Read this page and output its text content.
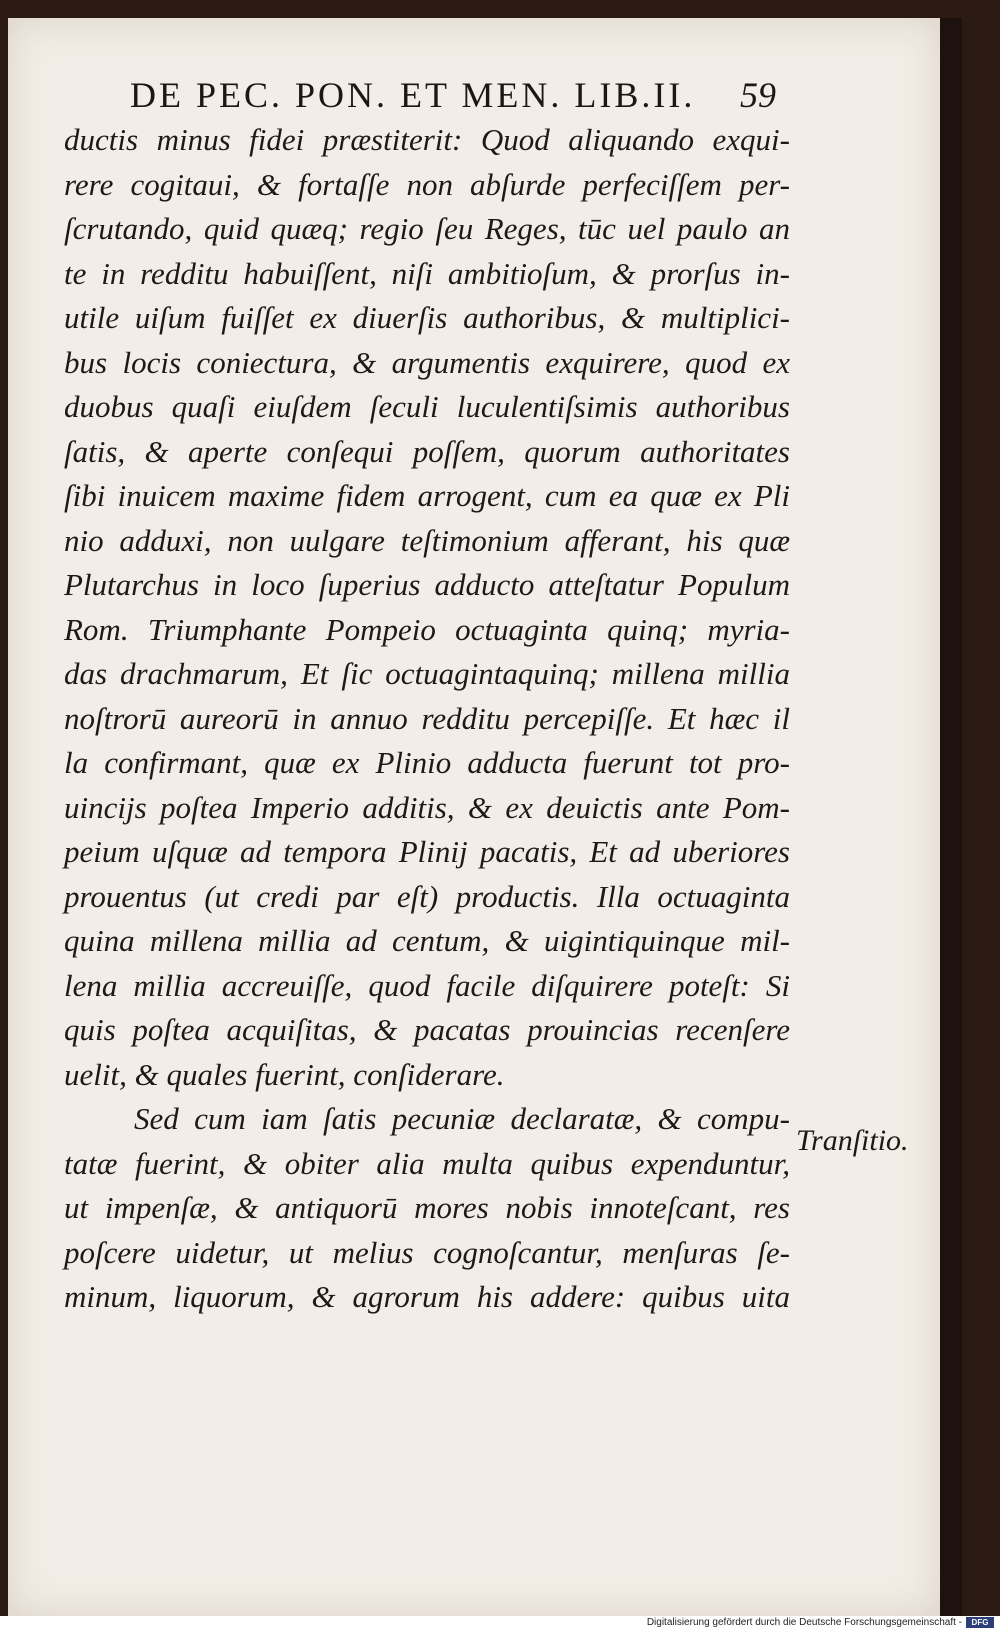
DE PEC. PON. ET MEN. LIB.II. 59
ductis minus fidei præstiterit: Quod aliquando exqui-
rere cogitaui, & fortaſſe non abſurde perfeciſſem per-
ſcrutando, quid quæq; regio ſeu Reges, tūc uel paulo an
te in redditu habuiſſent, niſi ambitioſum, & prorſus in-
utile uiſum fuiſſet ex diuerſis authoribus, & multiplici-
bus locis coniectura, & argumentis exquirere, quod ex
duobus quaſi eiuſdem ſeculi luculentiſsimis authoribus
ſatis, & aperte conſequi poſſem, quorum authoritates
ſibi inuicem maxime fidem arrogent, cum ea quæ ex Pli
nio adduxi, non uulgare teſtimonium afferant, his quæ
Plutarchus in loco ſuperius adducto atteſtatur Populum
Rom. Triumphante Pompeio octuaginta quinq; myria-
das drachmarum, Et ſic octuagintaquinq; millena millia
noſtrorū aureorū in annuo redditu percepiſſe. Et hæc il
la confirmant, quæ ex Plinio adducta fuerunt tot pro-
uincijs poſtea Imperio additis, & ex deuictis ante Pom-
peium uſquæ ad tempora Plinij pacatis, Et ad uberiores
prouentus (ut credi par eſt) productis. Illa octuaginta
quina millena millia ad centum, & uigintiquinque mil-
lena millia accreuiſſe, quod facile diſquirere poteſt: Si
quis poſtea acquiſitas, & pacatas prouincias recenſere
uelit, & quales fuerint, conſiderare.
Sed cum iam ſatis pecuniæ declaratæ, & compu-
tatæ fuerint, & obiter alia multa quibus expenduntur,
ut impenſæ, & antiquorū mores nobis innoteſcant, res
poſcere uidetur, ut melius cognoſcantur, menſuras ſe-
minum, liquorum, & agrorum his addere: quibus uita
Tranſitio.
Digitalisierung gefördert durch die Deutsche Forschungsgemeinschaft -	DFG
